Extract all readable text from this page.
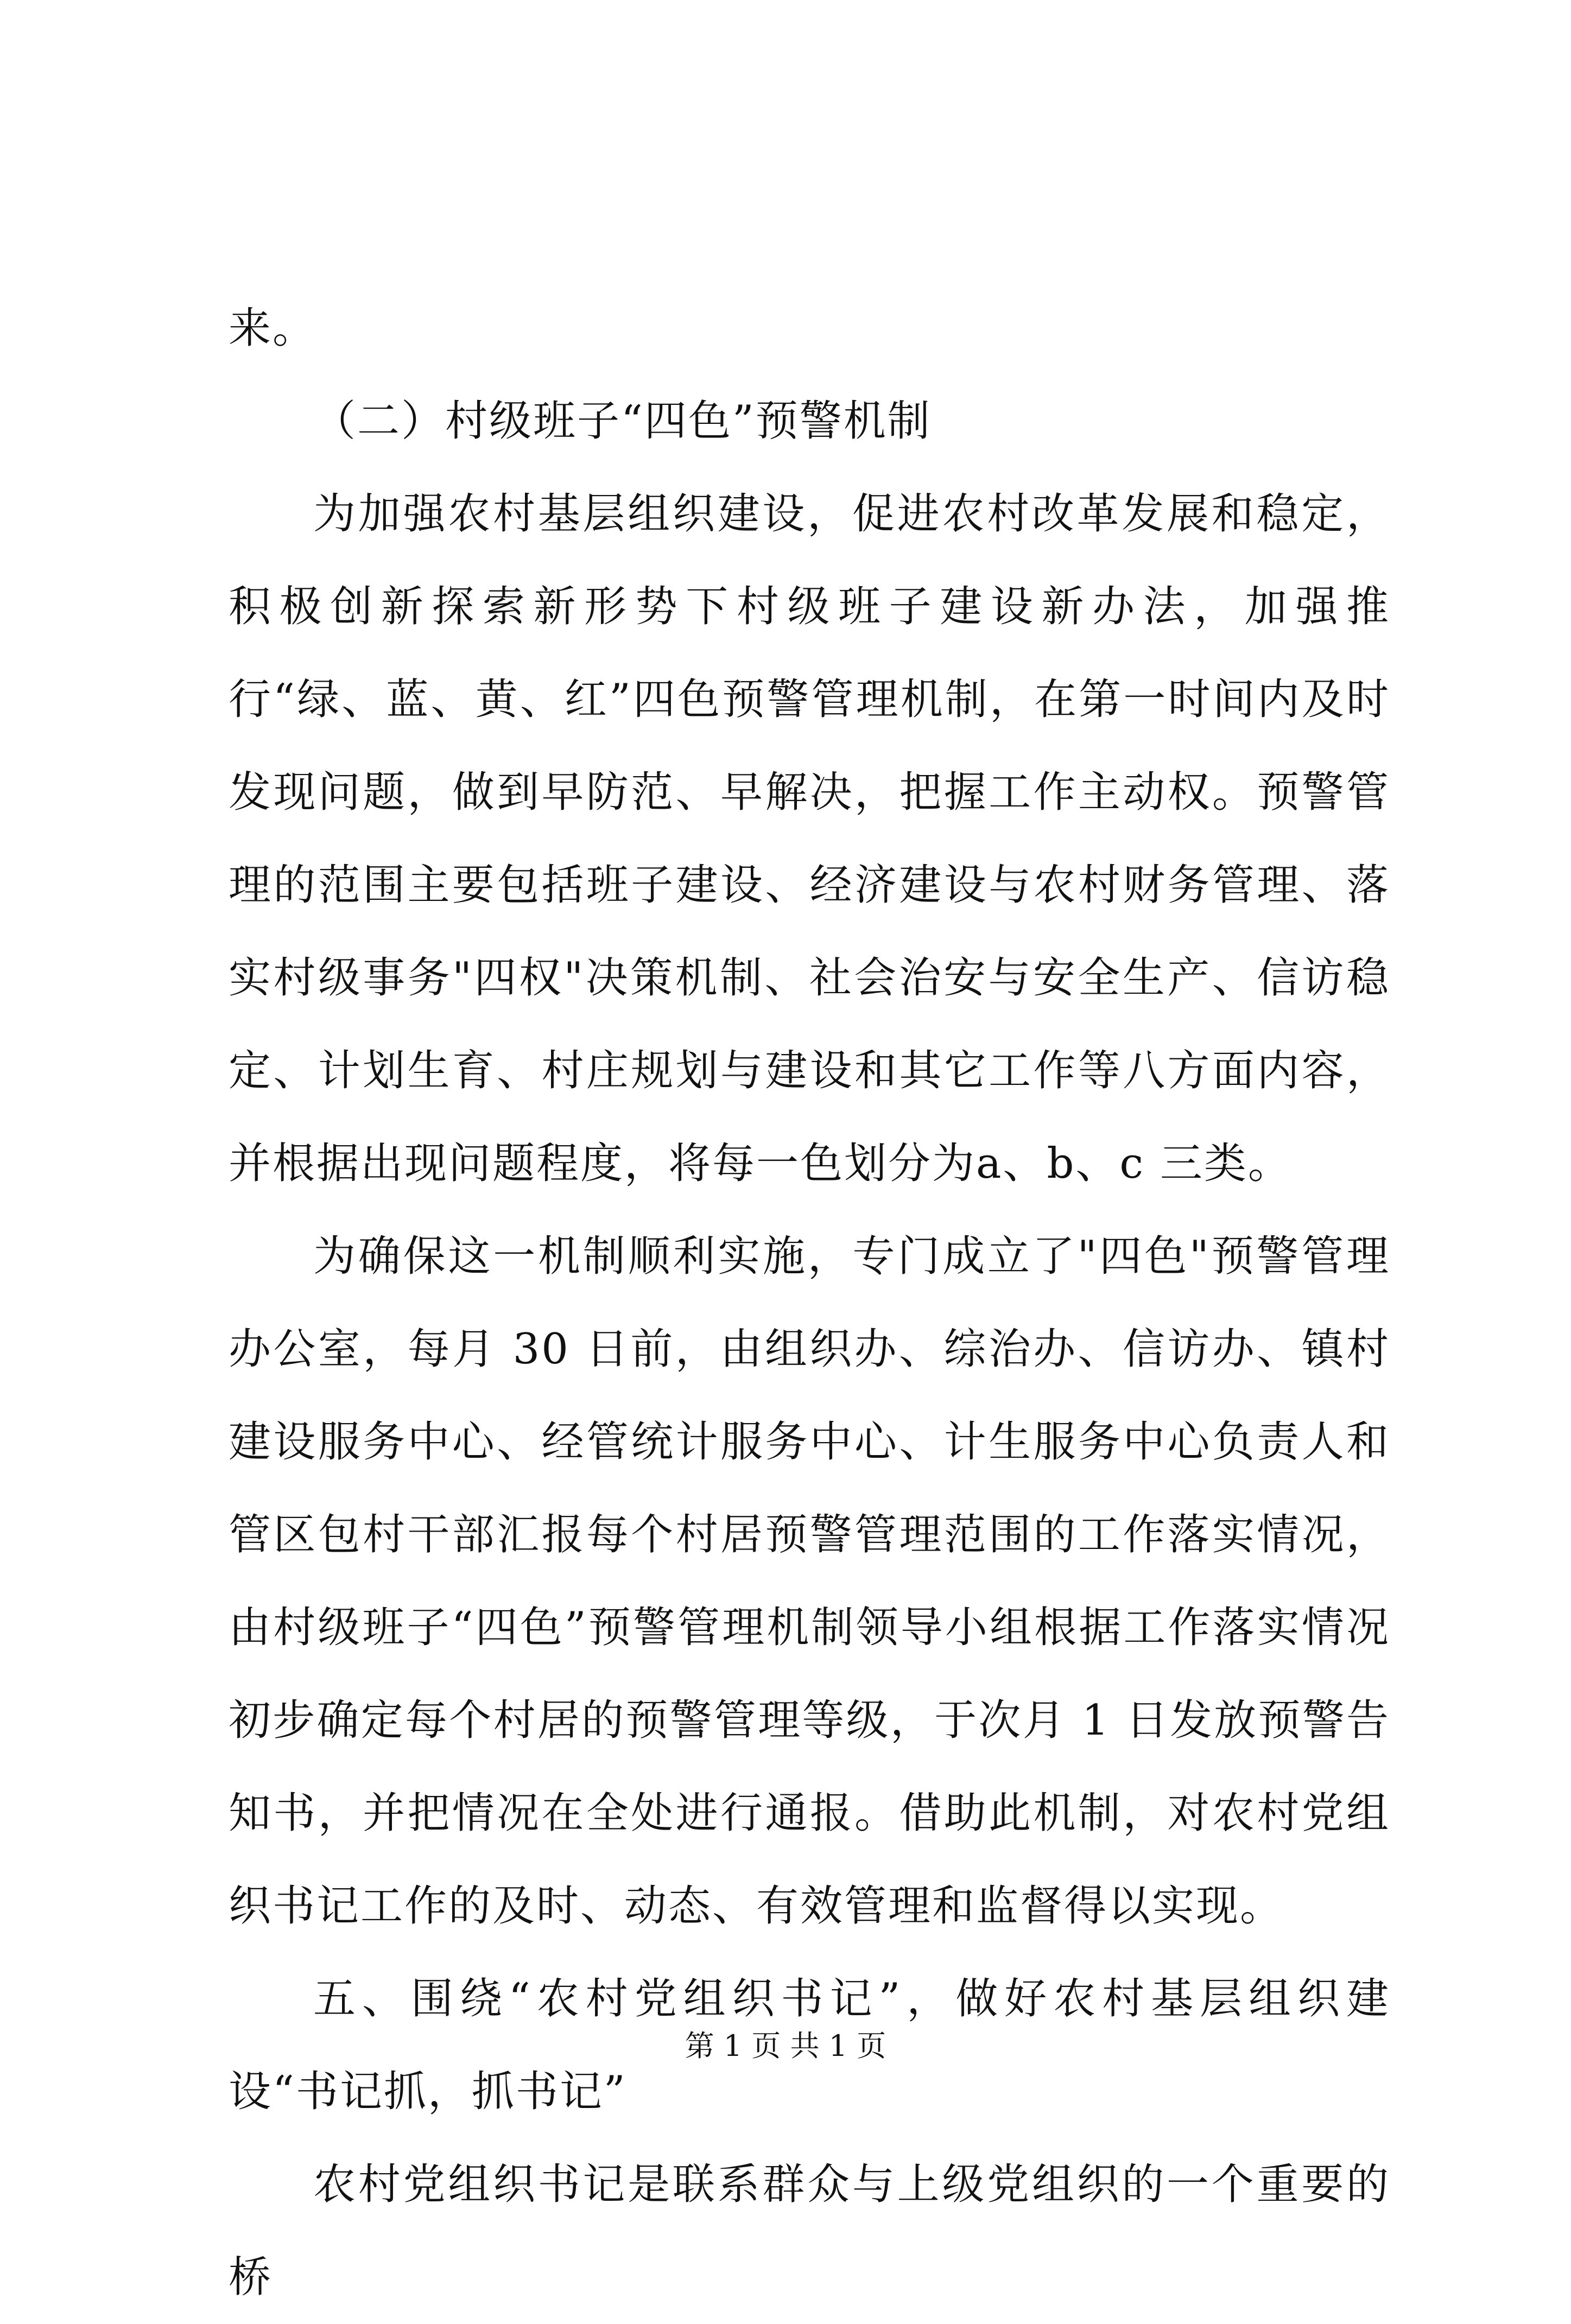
来。

（二）村级班子“四色”预警机制

为加强农村基层组织建设，促进农村改革发展和稳定，积极创新探索新形势下村级班子建设新办法，加强推行“绿、蓝、黄、红”四色预警管理机制，在第一时间内及时发现问题，做到早防范、早解决，把握工作主动权。预警管理的范围主要包括班子建设、经济建设与农村财务管理、落实村级事务"四权"决策机制、社会治安与安全生产、信访稳定、计划生育、村庄规划与建设和其它工作等八方面内容，并根据出现问题程度，将每一色划分为a、b、c 三类。

为确保这一机制顺利实施，专门成立了"四色"预警管理办公室，每月 30 日前，由组织办、综治办、信访办、镇村建设服务中心、经管统计服务中心、计生服务中心负责人和管区包村干部汇报每个村居预警管理范围的工作落实情况，由村级班子“四色”预警管理机制领导小组根据工作落实情况初步确定每个村居的预警管理等级，于次月 1 日发放预警告知书，并把情况在全处进行通报。借助此机制，对农村党组织书记工作的及时、动态、有效管理和监督得以实现。

五、围绕“农村党组织书记”，做好农村基层组织建设“书记抓，抓书记”

农村党组织书记是联系群众与上级党组织的一个重要的桥

第 1 页 共 1 页
